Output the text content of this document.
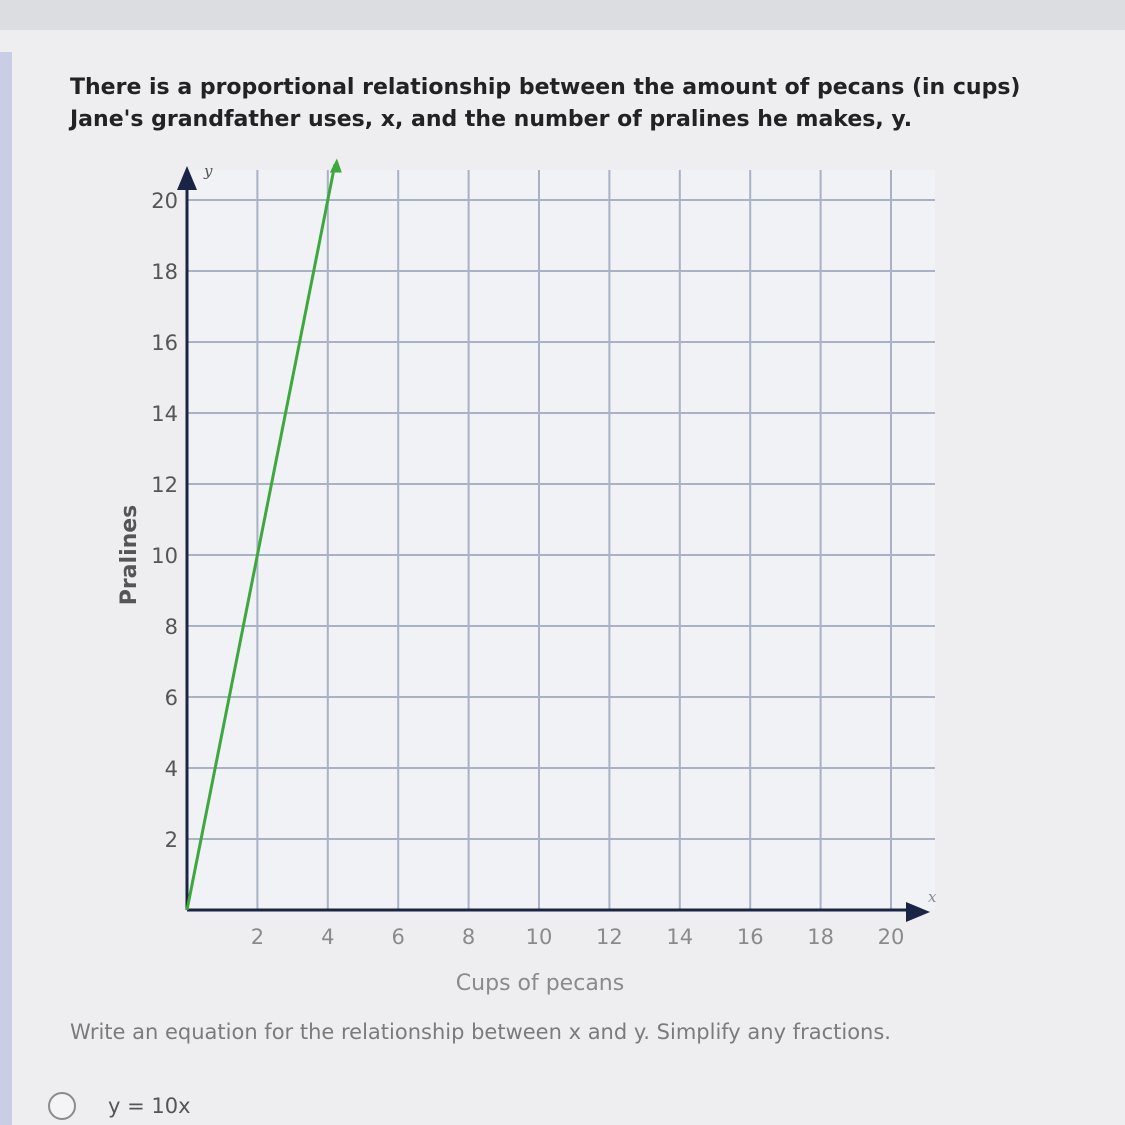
There is a proportional relationship between the amount of pecans (in cups) Jane's grandfather uses, x, and the number of pralines he makes, y.

2	4	6	8 10 12 14 16 18 20
2
4
6
8
10
12
14
16
18
20
x
y
Cups of pecans
Pralines

Write an equation for the relationship between x and y. Simplify any fractions.

y = 10x
